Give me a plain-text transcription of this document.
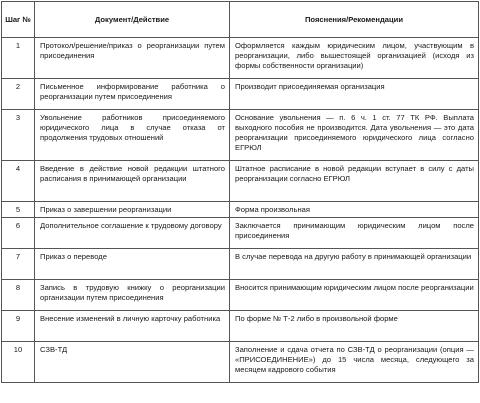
Шаг №	Документ/Действие	Пояснения/Рекомендации
1	Протокол/решение/приказ о реорганизации путем присоединения	Оформляется каждым юридическим лицом, участвующим в реорганизации, либо вышестоящей организацией (исходя из формы собственности организации)
2	Письменное информирование работника о реорганизации путем присоединения	Производит присоединяемая организация
3	Увольнение работников присоединяемого юридического лица в случае отказа от продолжения трудовых отношений	Основание увольнения — п. 6 ч. 1 ст. 77 ТК РФ. Выплата выходного пособия не производится. Дата увольнения — это дата реорганизации присоединяемого юридического лица согласно ЕГРЮЛ
4	Введение в действие новой редакции штатного расписания в принимающей организации	Штатное расписание в новой редакции вступает в силу с даты реорганизации согласно ЕГРЮЛ
5	Приказ о завершении реорганизации	Форма произвольная
6	Дополнительное соглашение к трудовому договору	Заключается принимающим юридическим лицом после присоединения
7	Приказ о переводе	В случае перевода на другую работу в принимающей организации
8	Запись в трудовую книжку о реорганизации организации путем присоединения	Вносится принимающим юридическим лицом после реорганизации
9	Внесение изменений в личную карточку работника	По форме № Т-2 либо в произвольной форме
10	СЗВ-ТД	Заполнение и сдача отчета по СЗВ-ТД о реорганизации (опция — «ПРИСОЕДИНЕНИЕ») до 15 числа месяца, следующего за месяцем кадрового события
